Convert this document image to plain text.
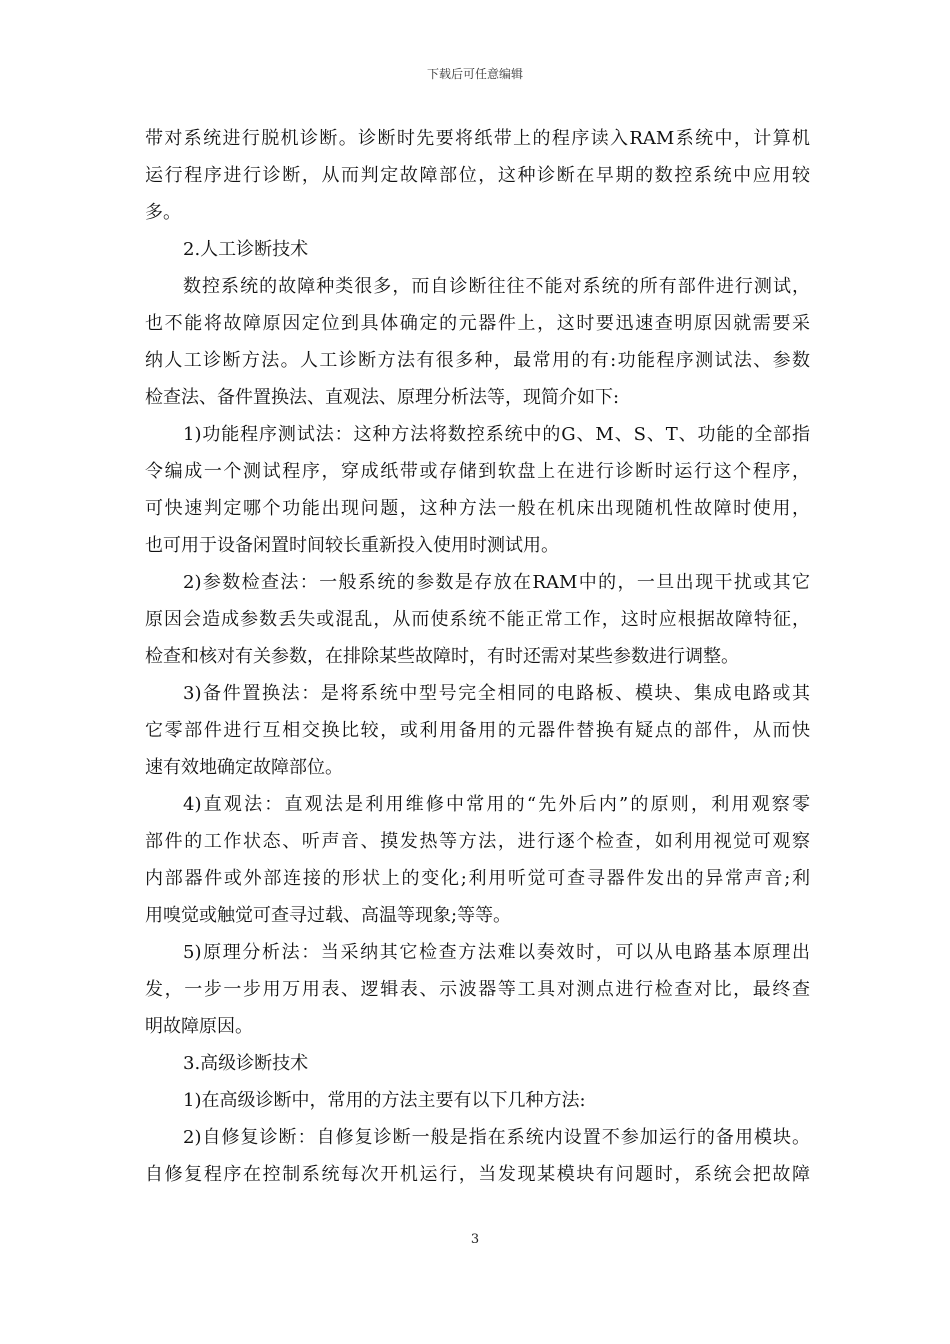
下载后可任意编辑
带对系统进行脱机诊断。诊断时先要将纸带上的程序读入RAM系统中，计算机
运行程序进行诊断，从而判定故障部位，这种诊断在早期的数控系统中应用较
多。
2.人工诊断技术
数控系统的故障种类很多，而自诊断往往不能对系统的所有部件进行测试，
也不能将故障原因定位到具体确定的元器件上，这时要迅速查明原因就需要采
纳人工诊断方法。人工诊断方法有很多种，最常用的有:功能程序测试法、参数
检查法、备件置换法、直观法、原理分析法等，现简介如下:
1)功能程序测试法：这种方法将数控系统中的G、M、S、T、功能的全部指
令编成一个测试程序，穿成纸带或存储到软盘上在进行诊断时运行这个程序，
可快速判定哪个功能出现问题，这种方法一般在机床出现随机性故障时使用，
也可用于设备闲置时间较长重新投入使用时测试用。
2)参数检查法：一般系统的参数是存放在RAM中的，一旦出现干扰或其它
原因会造成参数丢失或混乱，从而使系统不能正常工作，这时应根据故障特征，
检查和核对有关参数，在排除某些故障时，有时还需对某些参数进行调整。
3)备件置换法：是将系统中型号完全相同的电路板、模块、集成电路或其
它零部件进行互相交换比较，或利用备用的元器件替换有疑点的部件，从而快
速有效地确定故障部位。
4)直观法：直观法是利用维修中常用的“先外后内”的原则，利用观察零
部件的工作状态、听声音、摸发热等方法，进行逐个检查，如利用视觉可观察
内部器件或外部连接的形状上的变化;利用听觉可查寻器件发出的异常声音;利
用嗅觉或触觉可查寻过载、高温等现象;等等。
5)原理分析法：当采纳其它检查方法难以奏效时，可以从电路基本原理出
发，一步一步用万用表、逻辑表、示波器等工具对测点进行检查对比，最终查
明故障原因。
3.高级诊断技术
1)在高级诊断中，常用的方法主要有以下几种方法:
2)自修复诊断：自修复诊断一般是指在系统内设置不参加运行的备用模块。
自修复程序在控制系统每次开机运行，当发现某模块有问题时，系统会把故障
3
